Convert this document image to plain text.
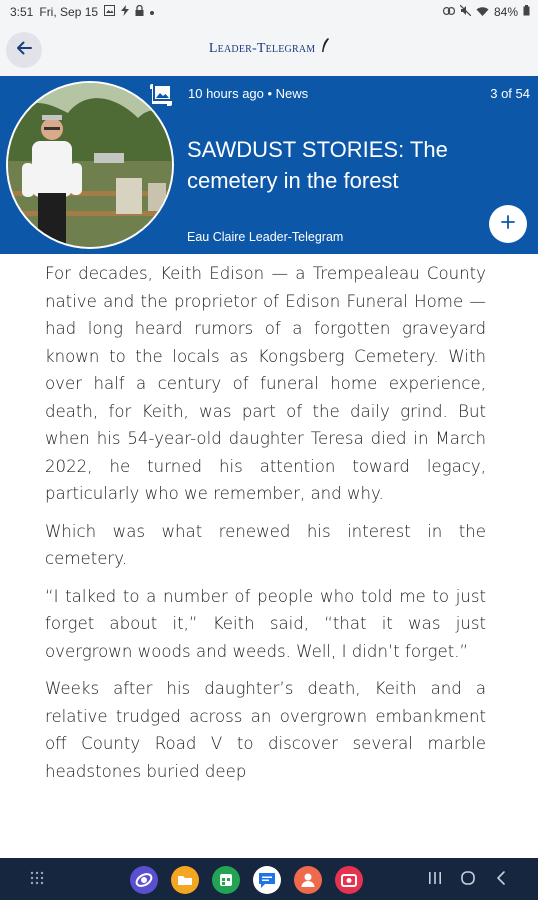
3:51 Fri, Sep 15	84%
Leader-Telegram
10 hours ago • News	3 of 54
SAWDUST STORIES: The cemetery in the forest
Eau Claire Leader-Telegram

For decades, Keith Edison — a Trempealeau County native and the proprietor of Edison Funeral Home — had long heard rumors of a forgotten graveyard known to the locals as Kongsberg Cemetery. With over half a century of funeral home experience, death, for Keith, was part of the daily grind. But when his 54-year-old daughter Teresa died in March 2022, he turned his attention toward legacy, particularly who we remember, and why.

Which was what renewed his interest in the cemetery.

“I talked to a number of people who told me to just forget about it,” Keith said, “that it was just overgrown woods and weeds. Well, I didn’t forget.”

Weeks after his daughter’s death, Keith and a relative trudged across an overgrown embankment off County Road V to discover several marble headstones buried deep
